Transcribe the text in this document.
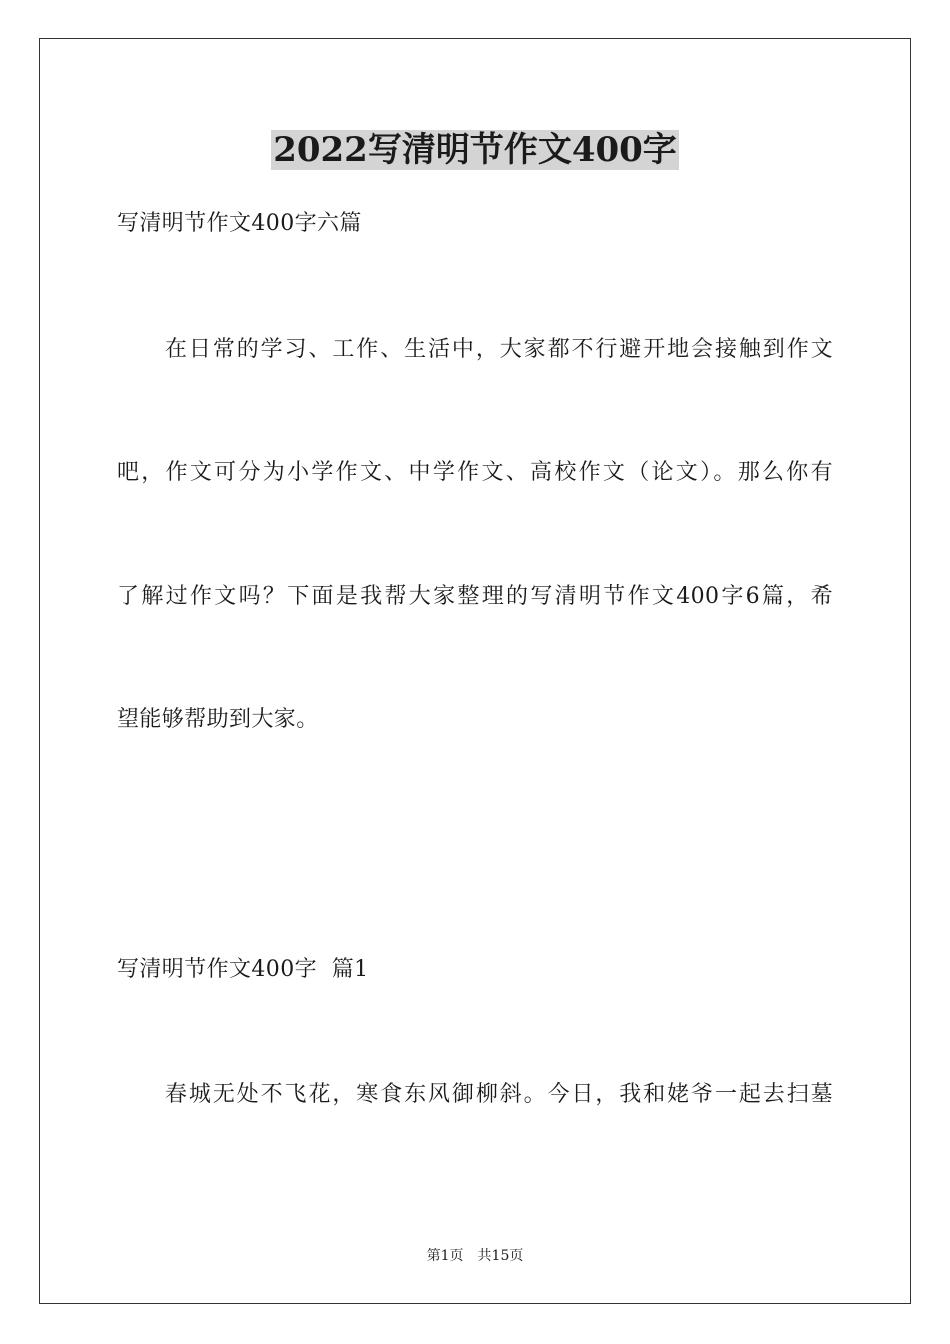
2022写清明节作文400字
写清明节作文400字六篇
在日常的学习、工作、生活中，大家都不行避开地会接触到作文
吧，作文可分为小学作文、中学作文、高校作文（论文）。那么你有
了解过作文吗？下面是我帮大家整理的写清明节作文400字6篇，希
望能够帮助到大家。
写清明节作文400字  篇1
春城无处不飞花，寒食东风御柳斜。今日，我和姥爷一起去扫墓
第1页 共15页
